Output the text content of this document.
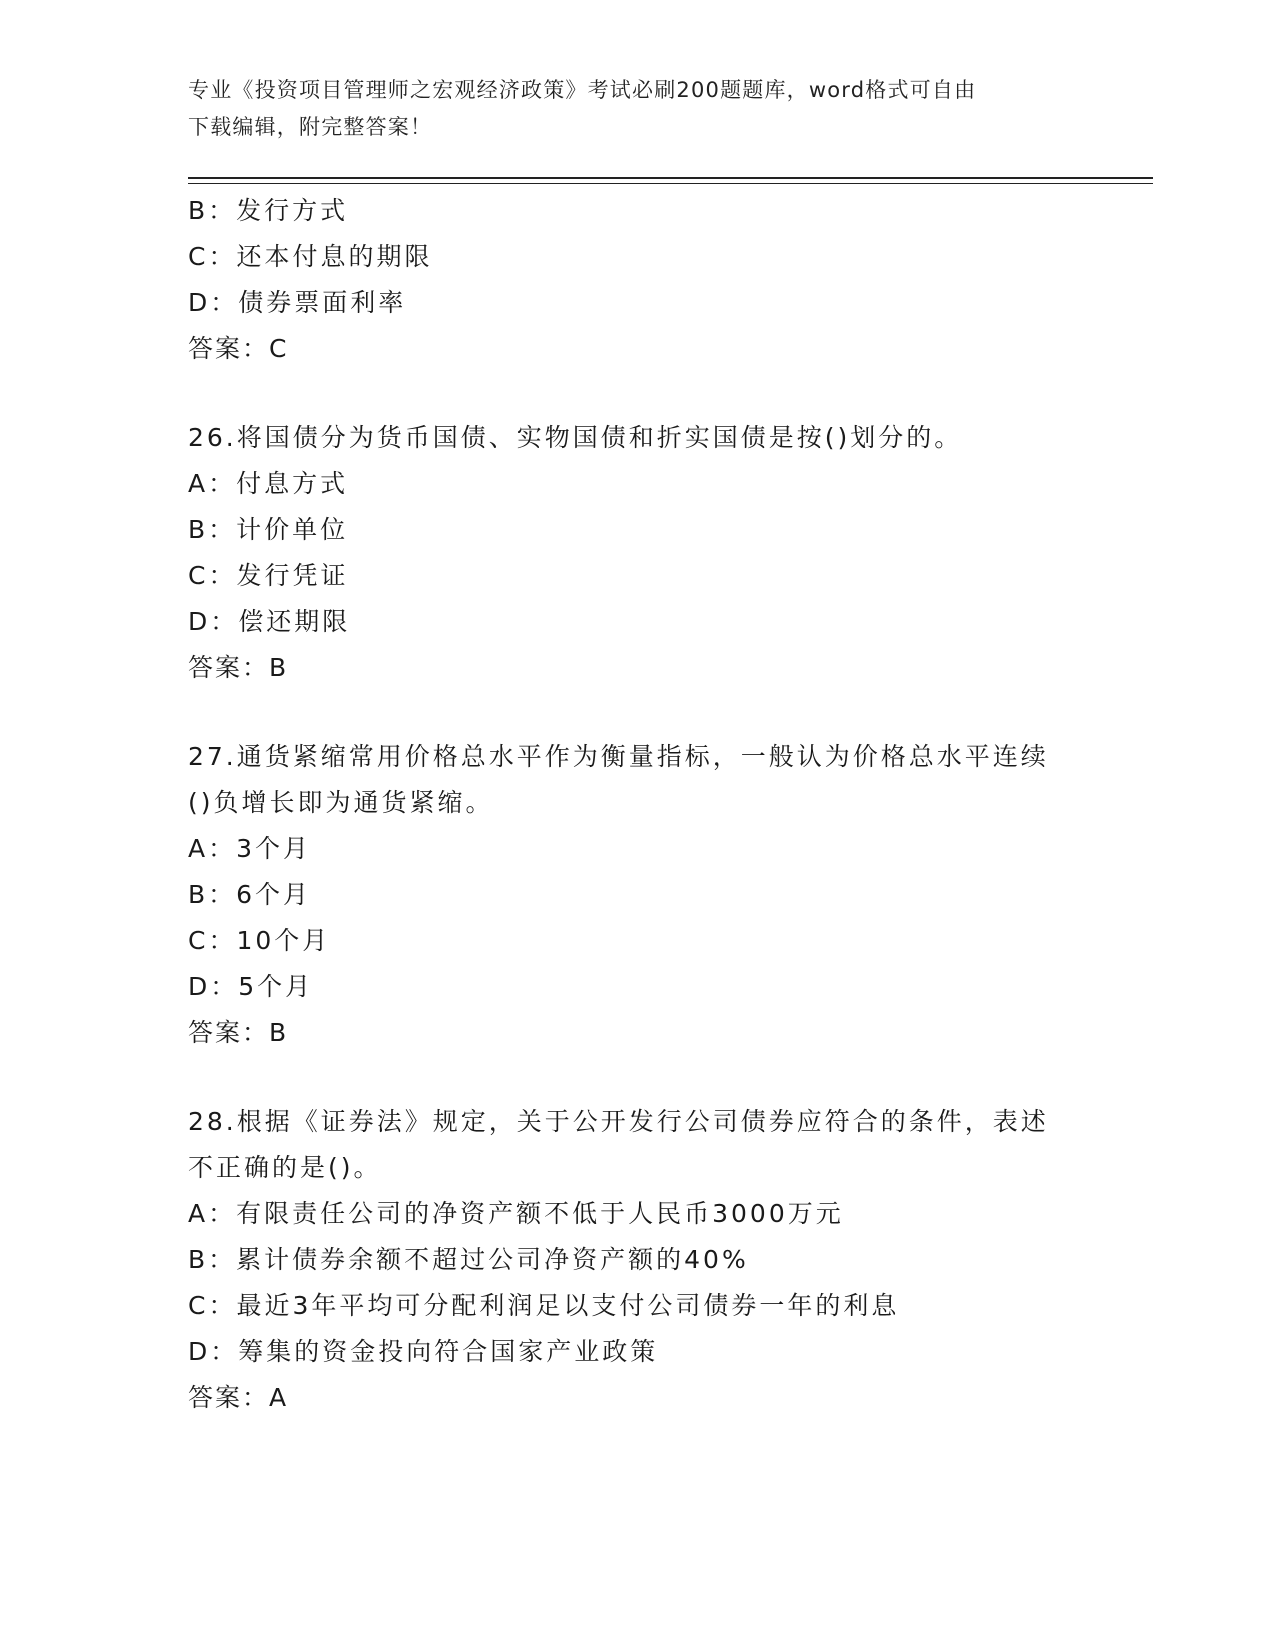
专业《投资项目管理师之宏观经济政策》考试必刷200题题库，word格式可自由
下载编辑，附完整答案！
B：发行方式
C：还本付息的期限
D：债券票面利率
答案：C
26.将国债分为货币国债、实物国债和折实国债是按()划分的。
A：付息方式
B：计价单位
C：发行凭证
D：偿还期限
答案：B
27.通货紧缩常用价格总水平作为衡量指标，一般认为价格总水平连续
()负增长即为通货紧缩。
A：3个月
B：6个月
C：10个月
D：5个月
答案：B
28.根据《证券法》规定，关于公开发行公司债券应符合的条件，表述
不正确的是()。
A：有限责任公司的净资产额不低于人民币3000万元
B：累计债券余额不超过公司净资产额的40%
C：最近3年平均可分配利润足以支付公司债券一年的利息
D：筹集的资金投向符合国家产业政策
答案：A
